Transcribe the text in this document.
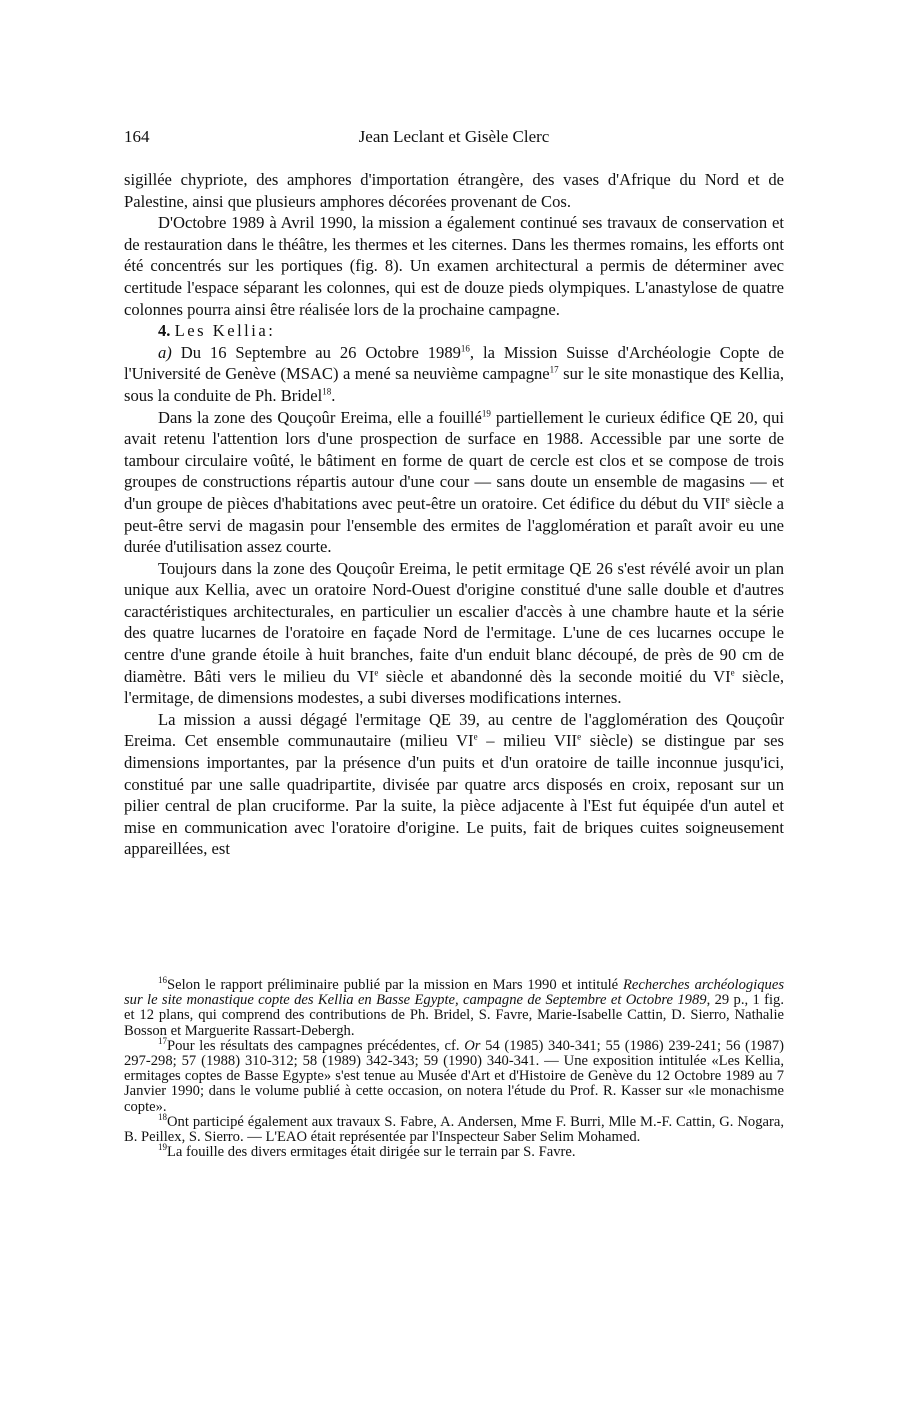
164	Jean Leclant et Gisèle Clerc

sigillée chypriote, des amphores d'importation étrangère, des vases d'Afrique du Nord et de Palestine, ainsi que plusieurs amphores décorées provenant de Cos.

D'Octobre 1989 à Avril 1990, la mission a également continué ses travaux de conservation et de restauration dans le théâtre, les thermes et les citernes. Dans les thermes romains, les efforts ont été concentrés sur les portiques (fig. 8). Un examen architectural a permis de déterminer avec certitude l'espace séparant les colonnes, qui est de douze pieds olympiques. L'anastylose de quatre colonnes pourra ainsi être réalisée lors de la prochaine campagne.

4. Les Kellia:

a) Du 16 Septembre au 26 Octobre 1989$^{16}$, la Mission Suisse d'Archéologie Copte de l'Université de Genève (MSAC) a mené sa neuvième campagne$^{17}$ sur le site monastique des Kellia, sous la conduite de Ph. Bridel$^{18}$.

Dans la zone des Qouçoûr Ereima, elle a fouillé$^{19}$ partiellement le curieux édifice QE 20, qui avait retenu l'attention lors d'une prospection de surface en 1988. Accessible par une sorte de tambour circulaire voûté, le bâtiment en forme de quart de cercle est clos et se compose de trois groupes de constructions répartis autour d'une cour — sans doute un ensemble de magasins — et d'un groupe de pièces d'habitations avec peut-être un oratoire. Cet édifice du début du VIIe siècle a peut-être servi de magasin pour l'ensemble des ermites de l'agglomération et paraît avoir eu une durée d'utilisation assez courte.

Toujours dans la zone des Qouçoûr Ereima, le petit ermitage QE 26 s'est révélé avoir un plan unique aux Kellia, avec un oratoire Nord-Ouest d'origine constitué d'une salle double et d'autres caractéristiques architecturales, en particulier un escalier d'accès à une chambre haute et la série des quatre lucarnes de l'oratoire en façade Nord de l'ermitage. L'une de ces lucarnes occupe le centre d'une grande étoile à huit branches, faite d'un enduit blanc découpé, de près de 90 cm de diamètre. Bâti vers le milieu du VIe siècle et abandonné dès la seconde moitié du VIe siècle, l'ermitage, de dimensions modestes, a subi diverses modifications internes.

La mission a aussi dégagé l'ermitage QE 39, au centre de l'agglomération des Qouçoûr Ereima. Cet ensemble communautaire (milieu VIe – milieu VIIe siècle) se distingue par ses dimensions importantes, par la présence d'un puits et d'un oratoire de taille inconnue jusqu'ici, constitué par une salle quadripartite, divisée par quatre arcs disposés en croix, reposant sur un pilier central de plan cruciforme. Par la suite, la pièce adjacente à l'Est fut équipée d'un autel et mise en communication avec l'oratoire d'origine. Le puits, fait de briques cuites soigneusement appareillées, est

$^{16}$Selon le rapport préliminaire publié par la mission en Mars 1990 et intitulé Recherches archéologiques sur le site monastique copte des Kellia en Basse Egypte, campagne de Septembre et Octobre 1989, 29 p., 1 fig. et 12 plans, qui comprend des contributions de Ph. Bridel, S. Favre, Marie-Isabelle Cattin, D. Sierro, Nathalie Bosson et Marguerite Rassart-Debergh.

$^{17}$Pour les résultats des campagnes précédentes, cf. Or 54 (1985) 340-341; 55 (1986) 239-241; 56 (1987) 297-298; 57 (1988) 310-312; 58 (1989) 342-343; 59 (1990) 340-341. — Une exposition intitulée «Les Kellia, ermitages coptes de Basse Egypte» s'est tenue au Musée d'Art et d'Histoire de Genève du 12 Octobre 1989 au 7 Janvier 1990; dans le volume publié à cette occasion, on notera l'étude du Prof. R. Kasser sur «le monachisme copte».

$^{18}$Ont participé également aux travaux S. Fabre, A. Andersen, Mme F. Burri, Mlle M.-F. Cattin, G. Nogara, B. Peillex, S. Sierro. — L'EAO était représentée par l'Inspecteur Saber Selim Mohamed.

$^{19}$La fouille des divers ermitages était dirigée sur le terrain par S. Favre.
